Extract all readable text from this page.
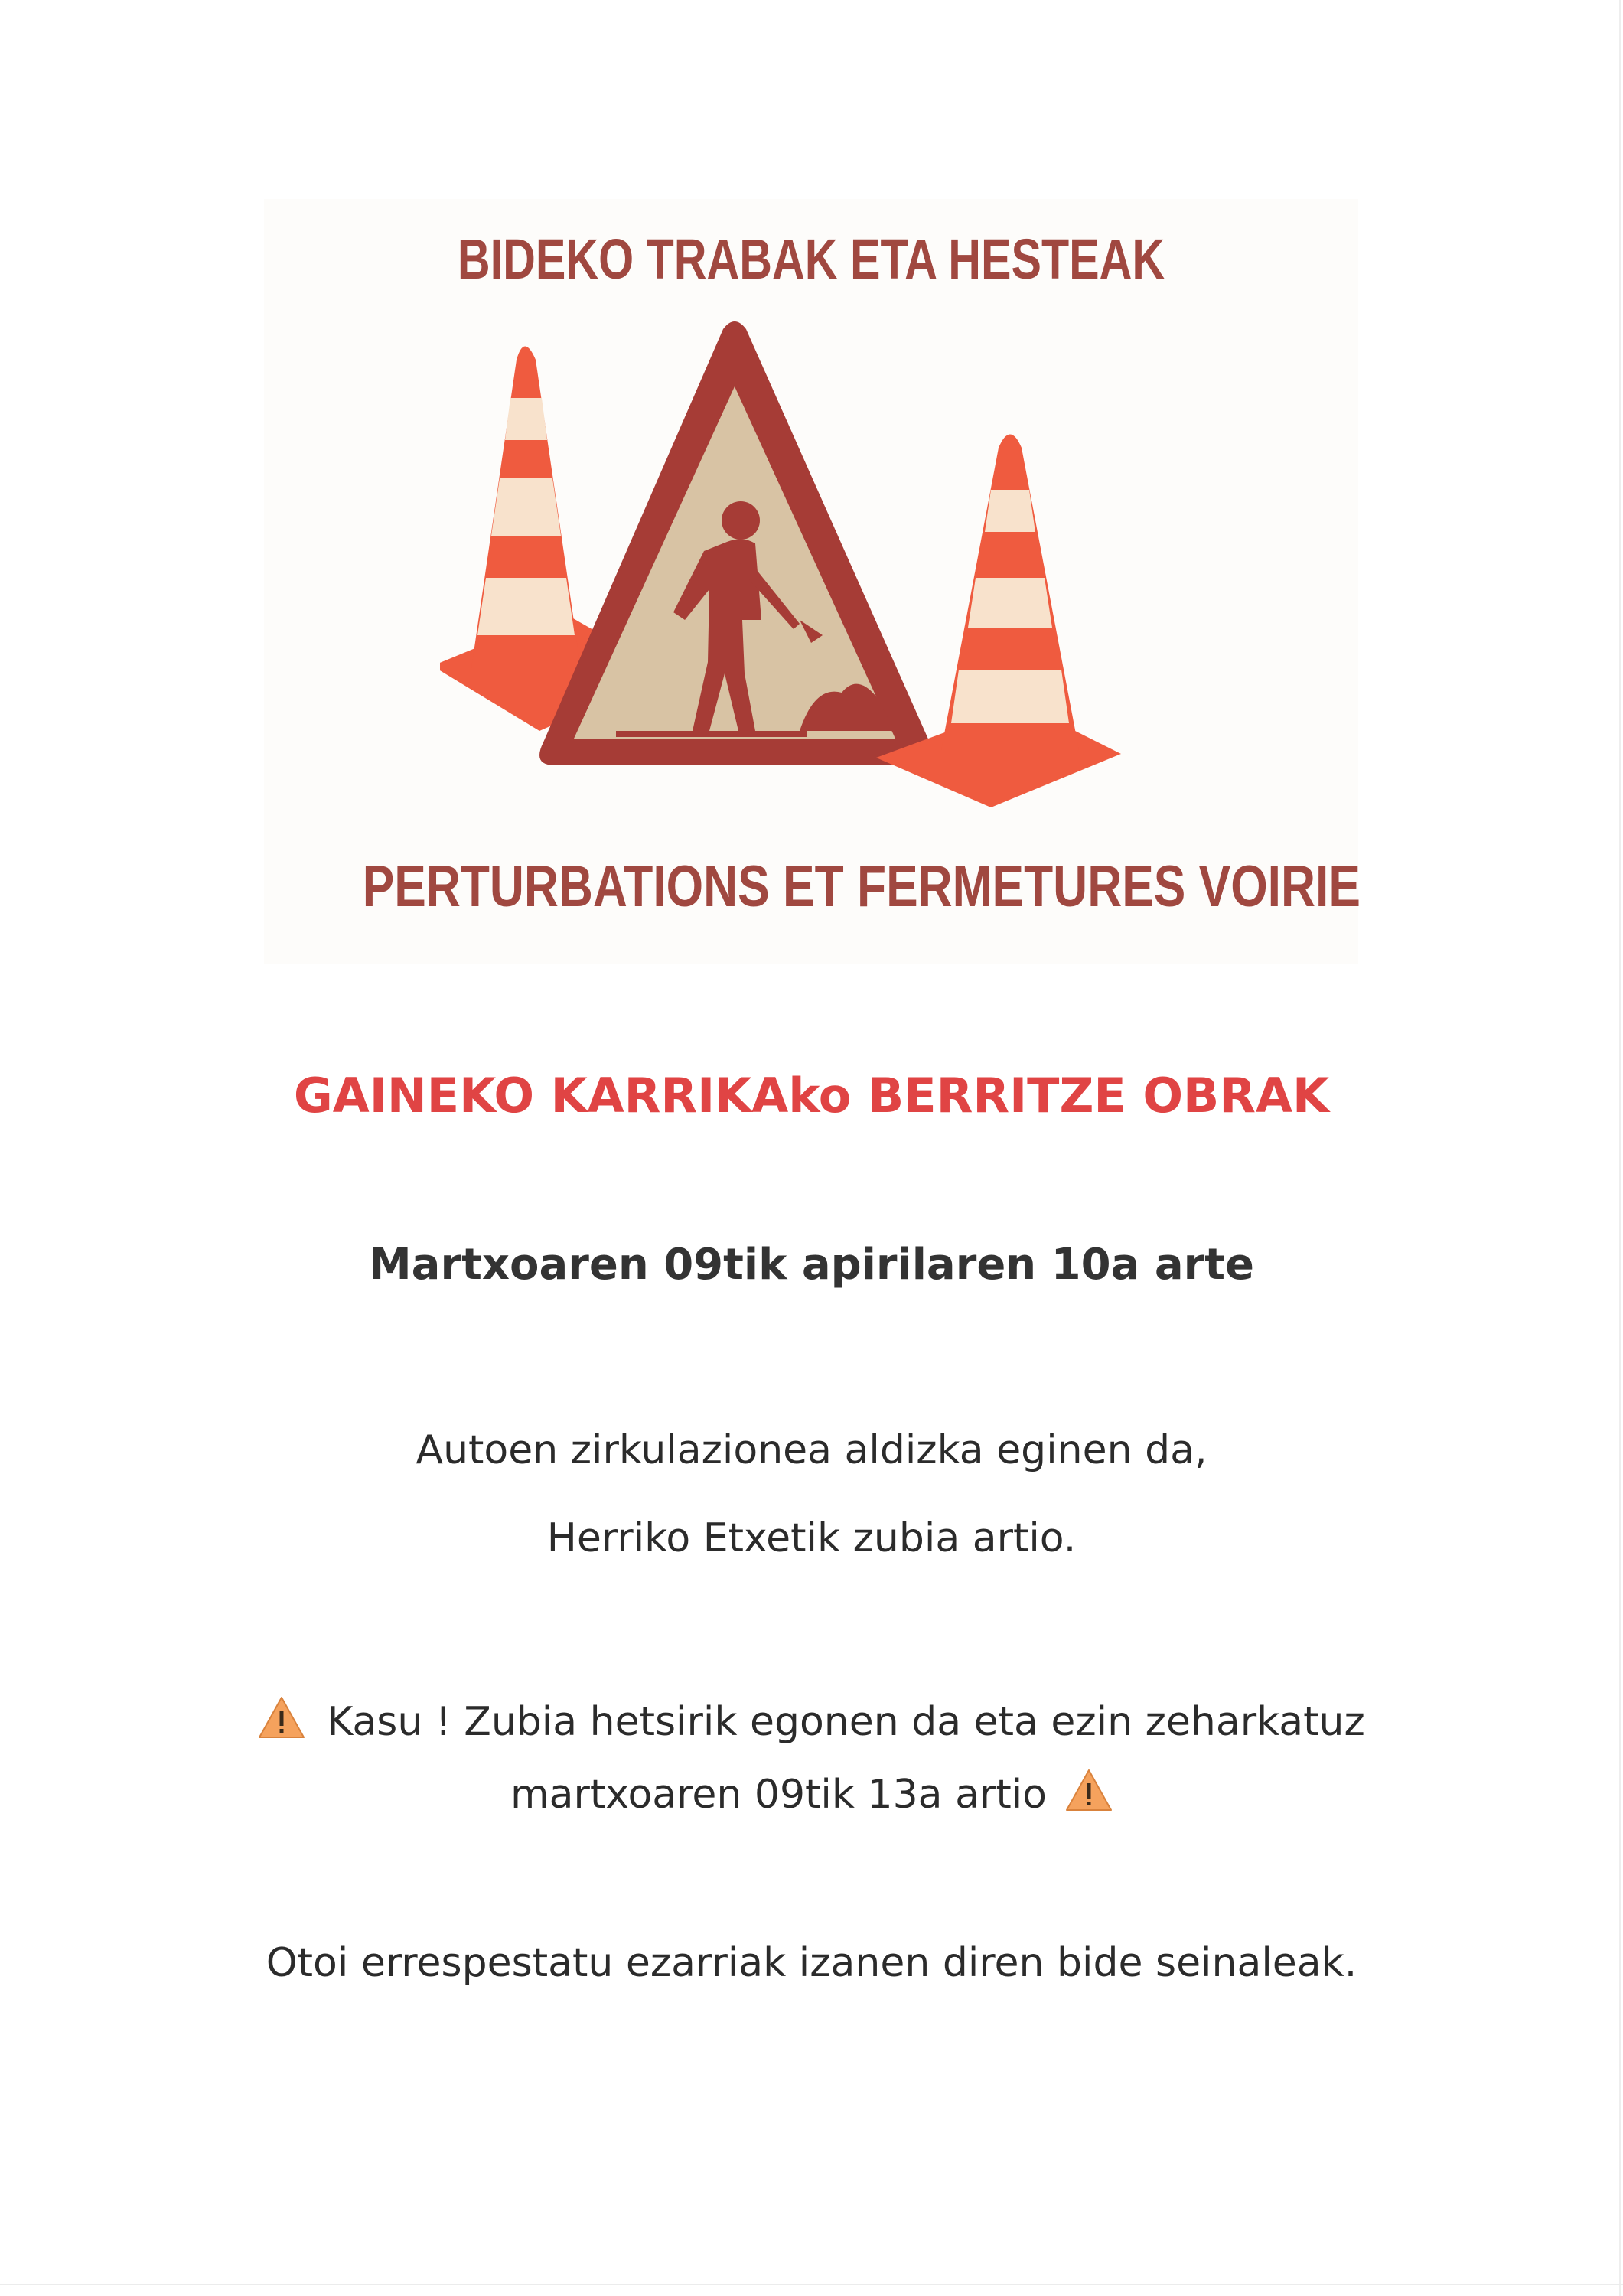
BIDEKO TRABAK ETA HESTEAK
PERTURBATIONS ET FERMETURES VOIRIE
GAINEKO KARRIKAko BERRITZE OBRAK
Martxoaren 09tik apirilaren 10a arte
Autoen zirkulazionea aldizka eginen da,
Herriko Etxetik zubia artio.
Kasu ! Zubia hetsirik egonen da eta ezin zeharkatuz
martxoaren 09tik 13a artio
Otoi errespestatu ezarriak izanen diren bide seinaleak.
